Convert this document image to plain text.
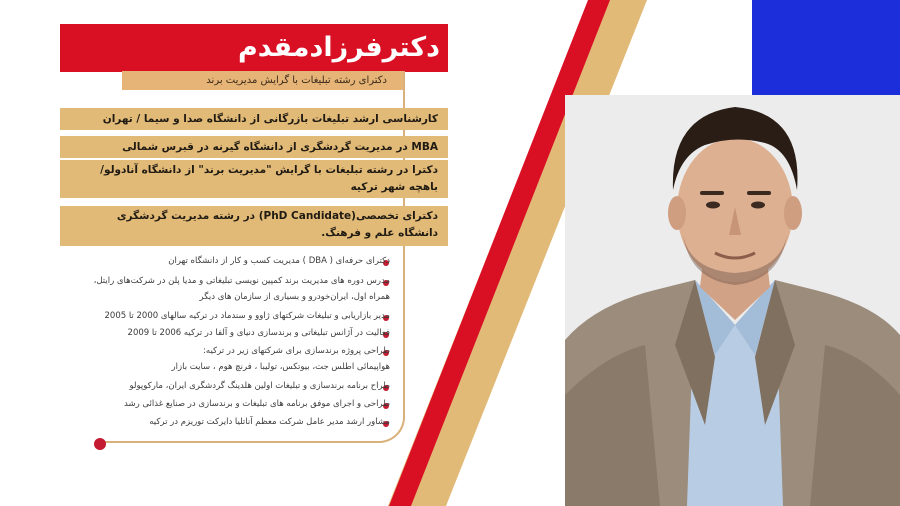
دکترفرزادمقدم
دکترای رشته تبلیغات با گرایش مدیریت برند
کارشناسی ارشد تبلیغات بازرگانی از دانشگاه صدا و سیما / تهران
MBA در مدیریت گردشگری از دانشگاه گیرنه در قبرس شمالی
دکترا در رشته تبلیغات با گرایش "مدیریت برند" از دانشگاه آنادولو/
باهچه شهر ترکیه
دکترای تخصصی(PhD Candidate) در رشته مدیریت گردشگری
دانشگاه علم و فرهنگ.
دکترای حرفه‌ای ( DBA ) مدیریت کسب و کار از دانشگاه تهران
مدرس دوره های مدیریت برند کمپین نویسی تبلیغاتی و مدیا پلن در شرکت‌های رایتل،
همراه اول، ایران‌خودرو و بسیاری از سازمان های دیگر
مدیر بازاریابی و تبلیغات شرکتهای ژاوو و سندماد در ترکیه سالهای 2000 تا 2005
فعالیت در آژانس تبلیغاتی و برندسازی دنیای و آلفا در ترکیه 2006 تا 2009
طراحی پروژه برندسازی برای شرکتهای زیر در ترکیه:
هواپیمائی اطلس جت، بیوتکس، تولیبا ، فرنچ هوم ، سایت بازار
طراح برنامه برندسازی و تبلیغات اولین هلدینگ گردشگری ایران، مارکوپولو
طراحی و اجرای موفق برنامه های تبلیغات و برندسازی در صنایع غذائی رشد
مشاور ارشد مدیر عامل شرکت معظم آناتلیا دایرکت توریزم در ترکیه
